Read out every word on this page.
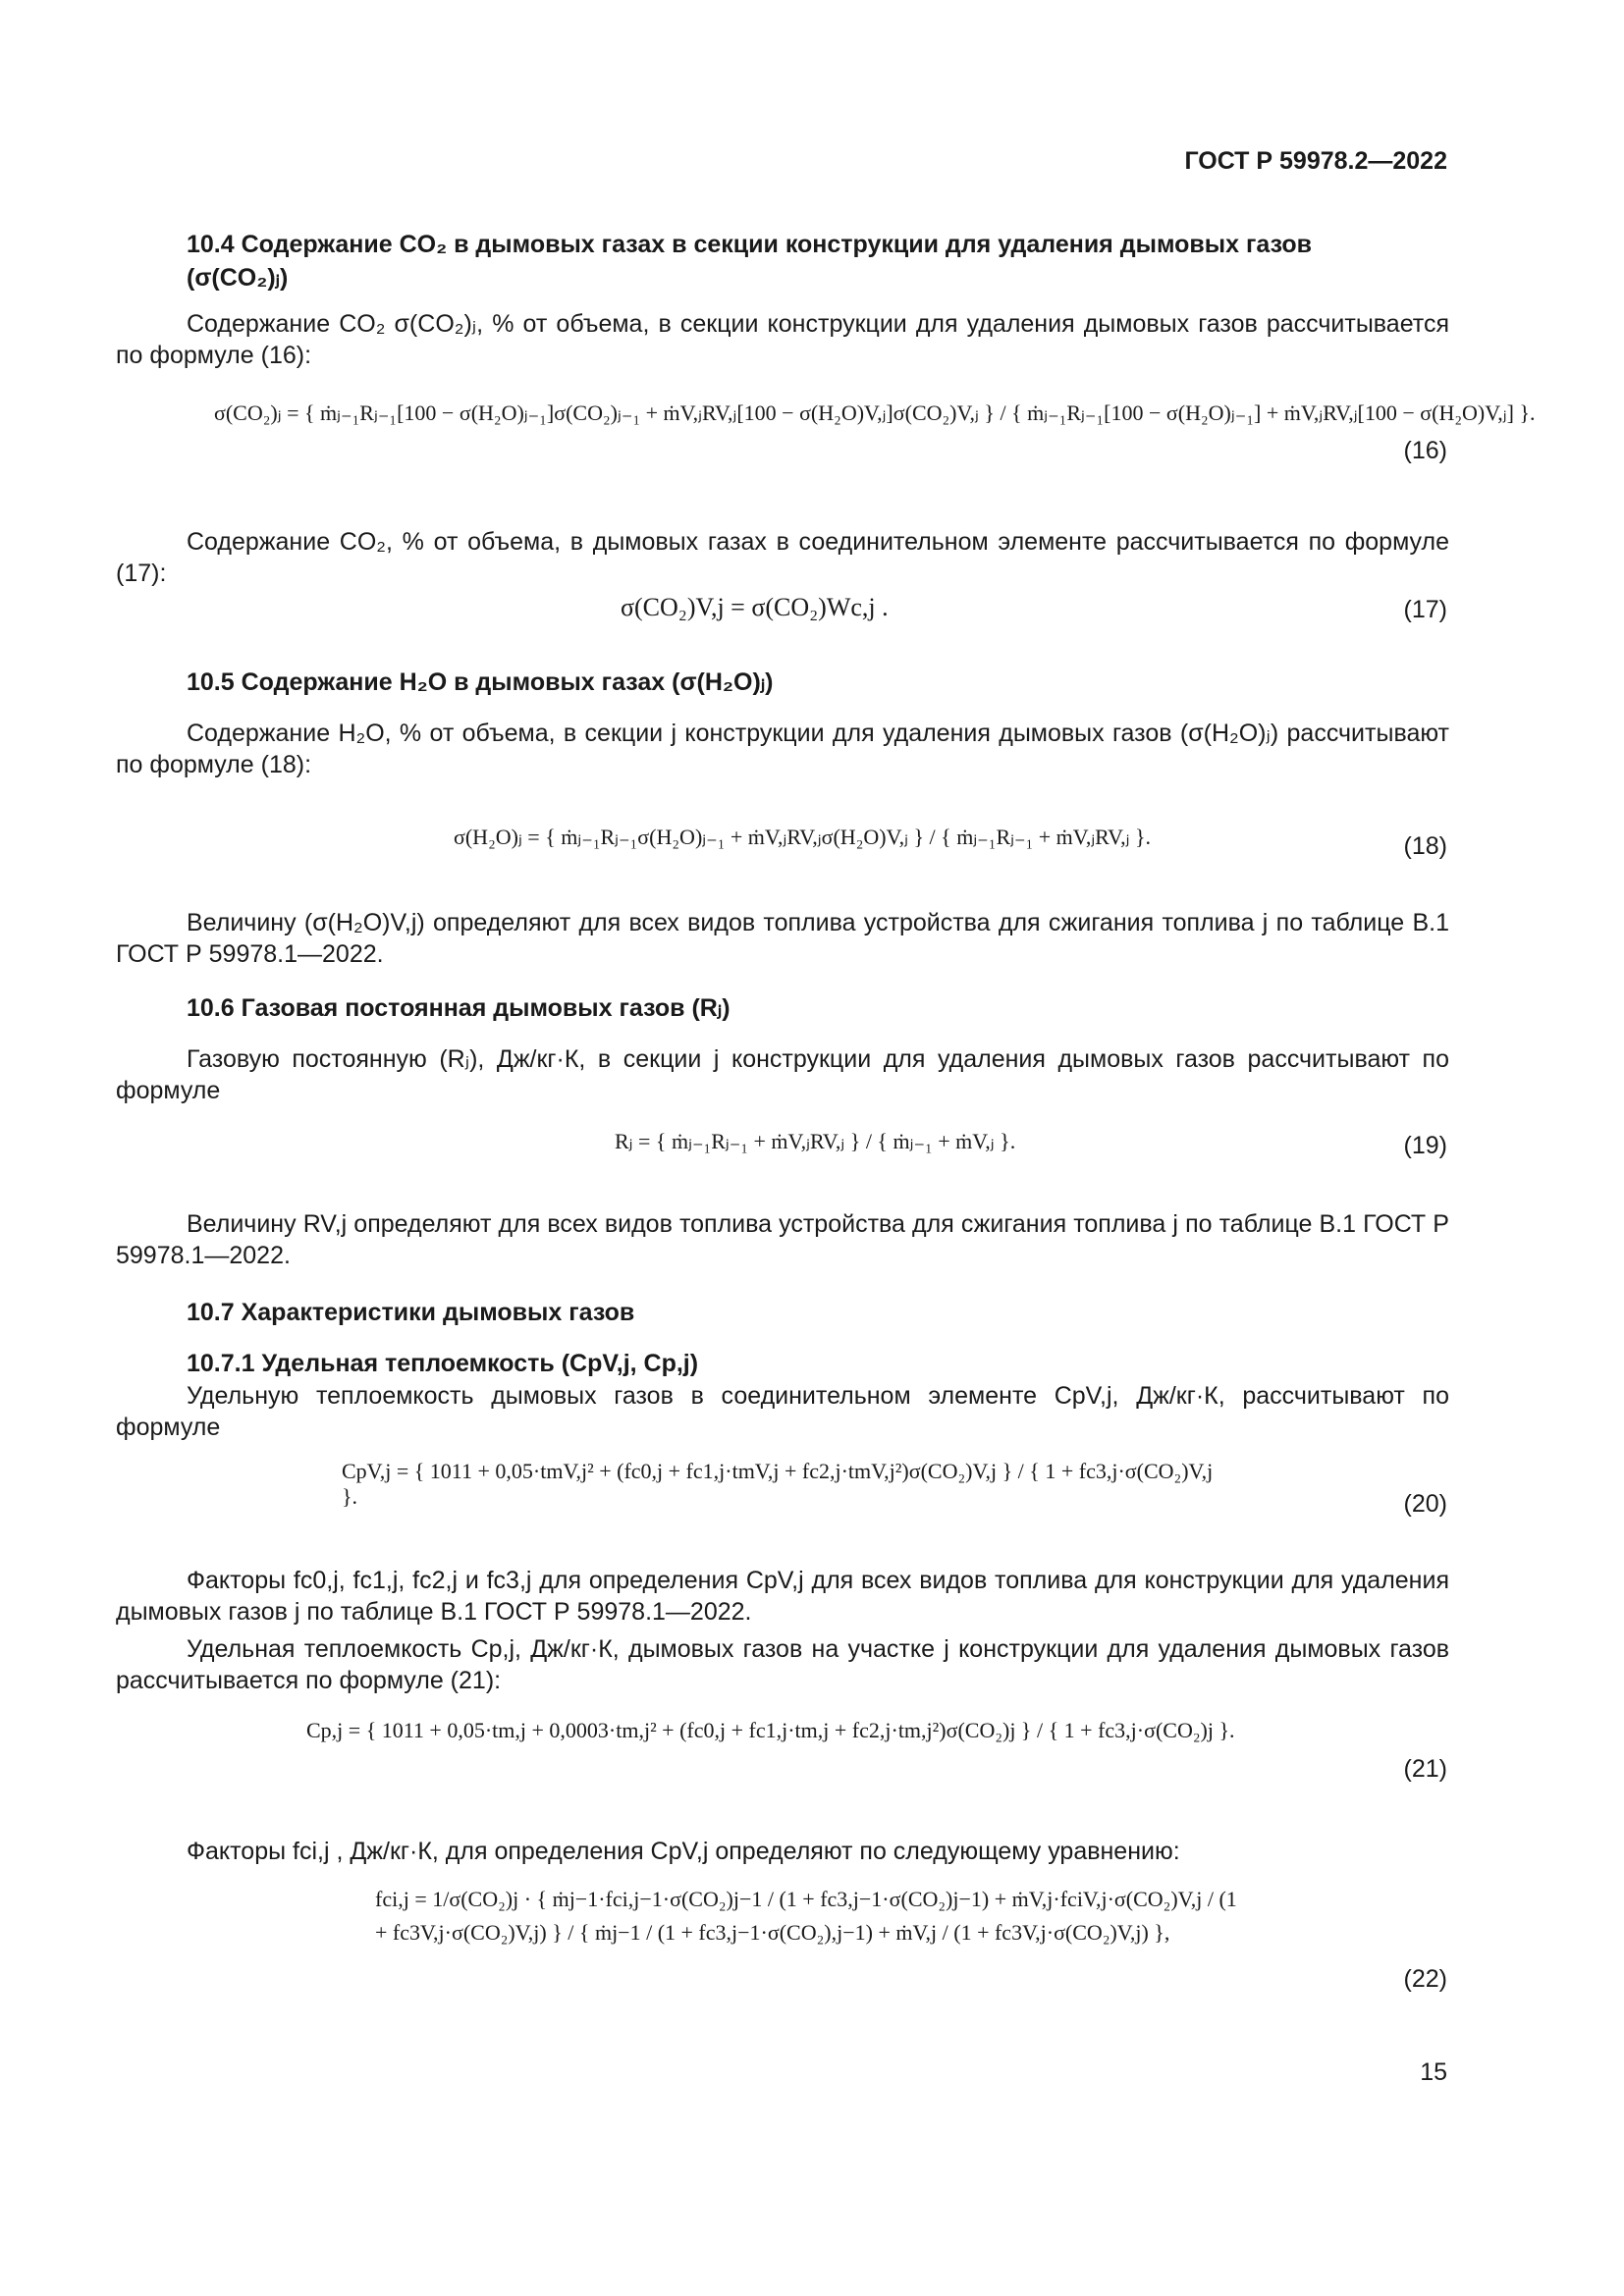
ГОСТ Р 59978.2—2022
10.4 Содержание CO₂ в дымовых газах в секции конструкции для удаления дымовых газов (σ(CO₂)ⱼ)
Содержание CO₂ σ(CO₂)ⱼ, % от объема, в секции конструкции для удаления дымовых газов рассчитывается по формуле (16):
σ(CO₂)ⱼ = { ṁⱼ₋₁Rⱼ₋₁[100 − σ(H₂O)ⱼ₋₁]σ(CO₂)ⱼ₋₁ + ṁV,ⱼRV,ⱼ[100 − σ(H₂O)V,ⱼ]σ(CO₂)V,ⱼ } / { ṁⱼ₋₁Rⱼ₋₁[100 − σ(H₂O)ⱼ₋₁] + ṁV,ⱼRV,ⱼ[100 − σ(H₂O)V,ⱼ] }.
(16)
Содержание CO₂, % от объема, в дымовых газах в соединительном элементе рассчитывается по формуле (17):
σ(CO₂)V,j = σ(CO₂)Wc,j .	(17)
10.5 Содержание H₂O в дымовых газах (σ(H₂O)ⱼ)
Содержание H₂O, % от объема, в секции j конструкции для удаления дымовых газов (σ(H₂O)ⱼ) рассчитывают по формуле (18):
σ(H₂O)ⱼ = { ṁⱼ₋₁Rⱼ₋₁σ(H₂O)ⱼ₋₁ + ṁV,ⱼRV,ⱼσ(H₂O)V,ⱼ } / { ṁⱼ₋₁Rⱼ₋₁ + ṁV,ⱼRV,ⱼ }.	(18)
Величину (σ(H₂O)V,j) определяют для всех видов топлива устройства для сжигания топлива j по таблице В.1 ГОСТ Р 59978.1—2022.
10.6 Газовая постоянная дымовых газов (Rⱼ)
Газовую постоянную (Rⱼ), Дж/кг·К, в секции j конструкции для удаления дымовых газов рассчитывают по формуле
Rⱼ = { ṁⱼ₋₁Rⱼ₋₁ + ṁV,ⱼRV,ⱼ } / { ṁⱼ₋₁ + ṁV,ⱼ }.	(19)
Величину RV,j определяют для всех видов топлива устройства для сжигания топлива j по таблице В.1 ГОСТ Р 59978.1—2022.
10.7 Характеристики дымовых газов
10.7.1 Удельная теплоемкость (CpV,j, Cp,j)
Удельную теплоемкость дымовых газов в соединительном элементе CpV,j, Дж/кг·К, рассчитывают по формуле
CpV,j = { 1011 + 0,05·tmV,j² + (fc0,j + fc1,j·tmV,j + fc2,j·tmV,j²)σ(CO₂)V,j } / { 1 + fc3,j·σ(CO₂)V,j }.	(20)
Факторы fc0,j, fc1,j, fc2,j и fc3,j для определения CpV,j для всех видов топлива для конструкции для удаления дымовых газов j по таблице В.1 ГОСТ Р 59978.1—2022.
Удельная теплоемкость Cp,j, Дж/кг·К, дымовых газов на участке j конструкции для удаления дымовых газов рассчитывается по формуле (21):
Cp,j = { 1011 + 0,05·tm,j + 0,0003·tm,j² + (fc0,j + fc1,j·tm,j + fc2,j·tm,j²)σ(CO₂)j } / { 1 + fc3,j·σ(CO₂)j }.
(21)
Факторы fci,j , Дж/кг·К, для определения CpV,j определяют по следующему уравнению:
fci,j = 1/σ(CO₂)j · { ṁj−1·fci,j−1·σ(CO₂)j−1 / (1 + fc3,j−1·σ(CO₂)j−1) + ṁV,j·fciV,j·σ(CO₂)V,j / (1 + fc3V,j·σ(CO₂)V,j) } / { ṁj−1 / (1 + fc3,j−1·σ(CO₂),j−1) + ṁV,j / (1 + fc3V,j·σ(CO₂)V,j) },
(22)
15
